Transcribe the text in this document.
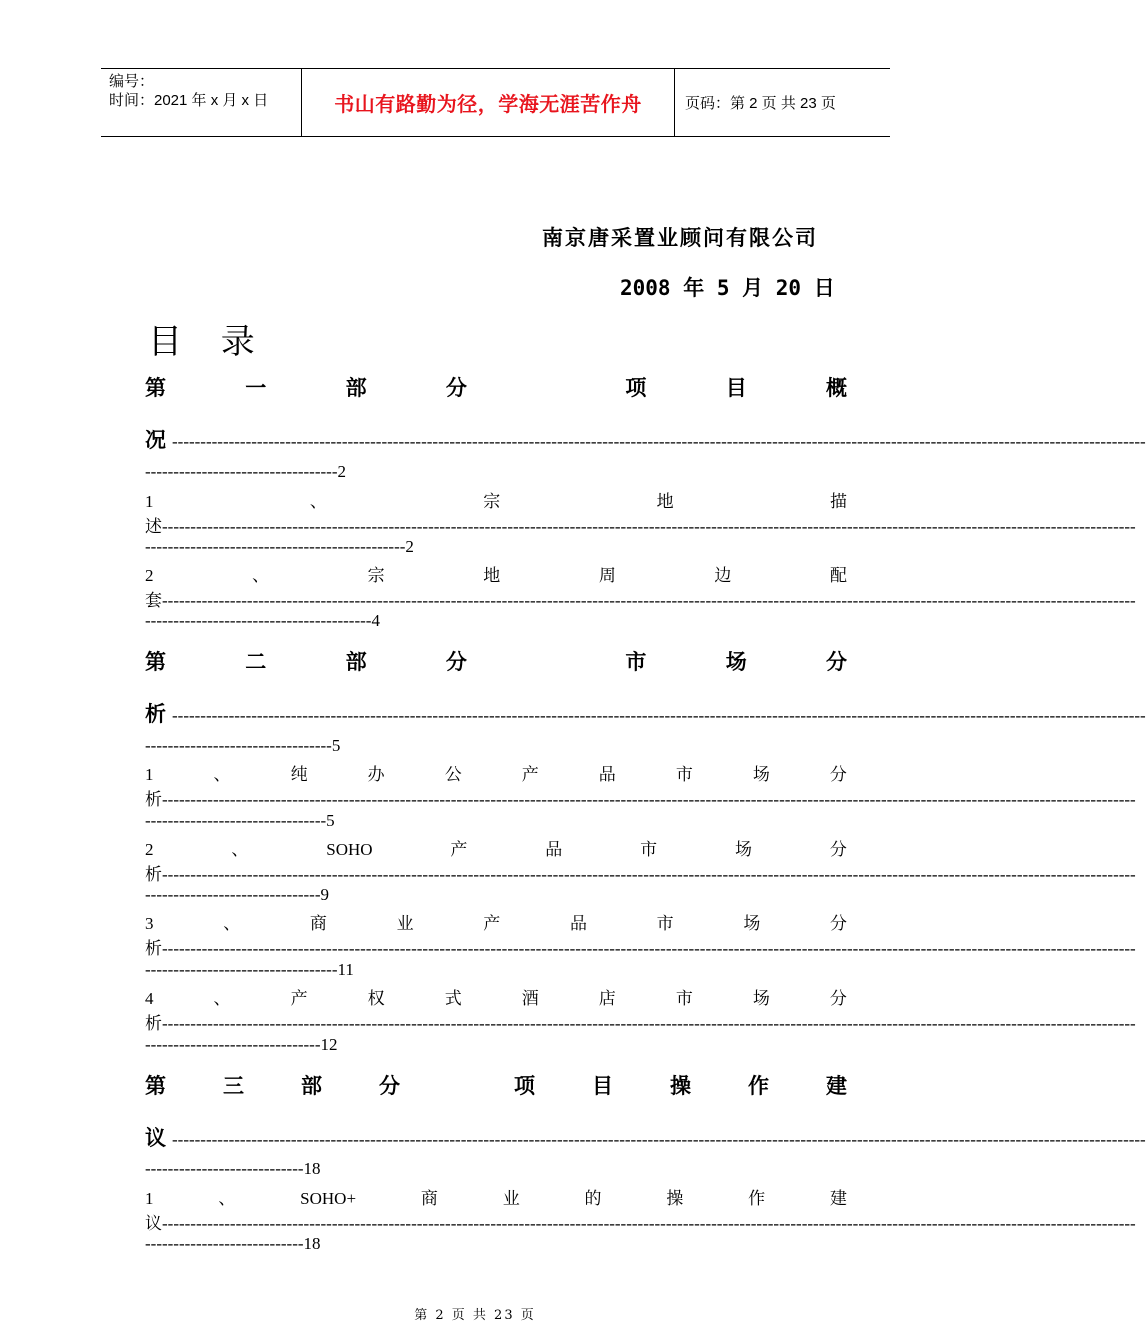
编号：
时间：2021 年 x 月 x 日	书山有路勤为径，学海无涯苦作舟	页码：第 2 页 共 23 页
南京唐采置业顾问有限公司
2008 年 5 月 20 日
目 录
第	一	部	分	项	目	概
况 ----------------------------------------------------------------------------------------------------------------------------------------------------------------------------
----------------------------------2
1	、	宗	地	描
述 ----------------------------------------------------------------------------------------------------------------------------------------------------------------------------
----------------------------------------------2
2	、	宗	地	周	边	配
套 ----------------------------------------------------------------------------------------------------------------------------------------------------------------------------
----------------------------------------4
第	二	部	分	市	场	分
析 ----------------------------------------------------------------------------------------------------------------------------------------------------------------------------
---------------------------------5
1	、	纯	办	公	产	品	市	场	分
析 ----------------------------------------------------------------------------------------------------------------------------------------------------------------------------
--------------------------------5
2	、	SOHO	产	品	市	场	分
析 ----------------------------------------------------------------------------------------------------------------------------------------------------------------------------
-------------------------------9
3	、	商	业	产	品	市	场	分
析 ----------------------------------------------------------------------------------------------------------------------------------------------------------------------------
----------------------------------11
4	、	产	权	式	酒	店	市	场	分
析 ----------------------------------------------------------------------------------------------------------------------------------------------------------------------------
-------------------------------12
第	三	部	分	项	目	操	作	建
议 ----------------------------------------------------------------------------------------------------------------------------------------------------------------------------
----------------------------18
1	、	SOHO+	商	业	的	操	作	建
议 ----------------------------------------------------------------------------------------------------------------------------------------------------------------------------
----------------------------18
第 2 页 共 23 页
